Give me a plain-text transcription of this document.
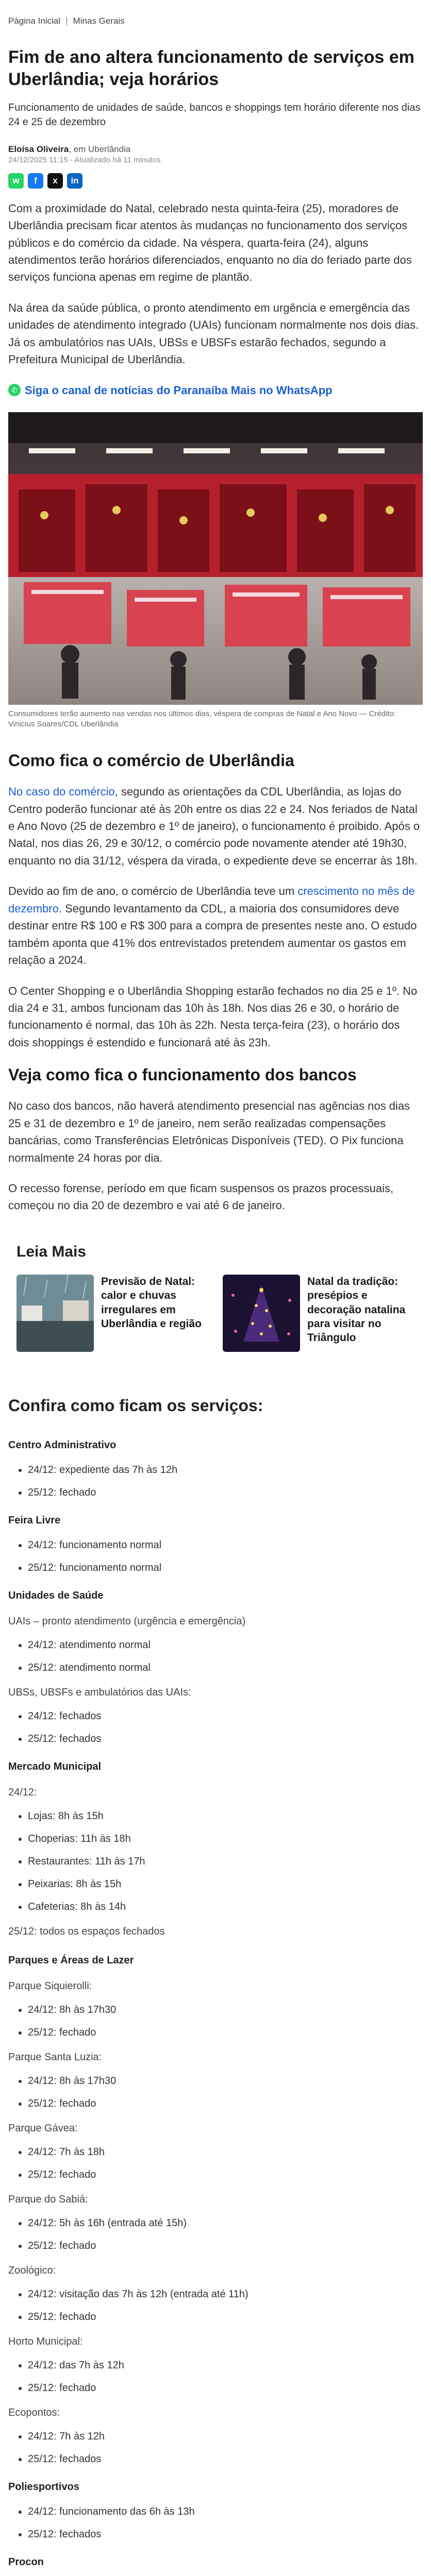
Página Inicial | Minas Gerais
Fim de ano altera funcionamento de serviços em Uberlândia; veja horários

Funcionamento de unidades de saúde, bancos e shoppings tem horário diferente nos dias 24 e 25 de dezembro

Eloísa Oliveira, em Uberlândia
24/12/2025 11:15 - Atualizado há 11 minutos
w	f	x	in

Com a proximidade do Natal, celebrado nesta quinta-feira (25), moradores de Uberlândia precisam ficar atentos às mudanças no funcionamento dos serviços públicos e do comércio da cidade. Na véspera, quarta-feira (24), alguns atendimentos terão horários diferenciados, enquanto no dia do feriado parte dos serviços funciona apenas em regime de plantão.

Na área da saúde pública, o pronto atendimento em urgência e emergência das unidades de atendimento integrado (UAIs) funcionam normalmente nos dois dias. Já os ambulatórios nas UAIs, UBSs e UBSFs estarão fechados, segundo a Prefeitura Municipal de Uberlândia.

✆ Siga o canal de notícias do Paranaíba Mais no WhatsApp

Consumidores terão aumento nas vendas nos últimos dias, véspera de compras de Natal e Ano Novo — Crédito: Vinicius Soares/CDL Uberlândia

Como fica o comércio de Uberlândia

No caso do comércio, segundo as orientações da CDL Uberlândia, as lojas do Centro poderão funcionar até às 20h entre os dias 22 e 24. Nos feriados de Natal e Ano Novo (25 de dezembro e 1º de janeiro), o funcionamento é proibido. Após o Natal, nos dias 26, 29 e 30/12, o comércio pode novamente atender até 19h30, enquanto no dia 31/12, véspera da virada, o expediente deve se encerrar às 18h.

Devido ao fim de ano, o comércio de Uberlândia teve um crescimento no mês de dezembro. Segundo levantamento da CDL, a maioria dos consumidores deve destinar entre R$ 100 e R$ 300 para a compra de presentes neste ano. O estudo também aponta que 41% dos entrevistados pretendem aumentar os gastos em relação a 2024.

O Center Shopping e o Uberlândia Shopping estarão fechados no dia 25 e 1º. No dia 24 e 31, ambos funcionam das 10h às 18h. Nos dias 26 e 30, o horário de funcionamento é normal, das 10h às 22h. Nesta terça-feira (23), o horário dos dois shoppings é estendido e funcionará até às 23h.

Veja como fica o funcionamento dos bancos

No caso dos bancos, não haverá atendimento presencial nas agências nos dias 25 e 31 de dezembro e 1º de janeiro, nem serão realizadas compensações bancárias, como Transferências Eletrônicas Disponíveis (TED). O Pix funciona normalmente 24 horas por dia.

O recesso forense, período em que ficam suspensos os prazos processuais, começou no dia 20 de dezembro e vai até 6 de janeiro.

Leia Mais
Previsão de Natal: calor e chuvas irregulares em Uberlândia e região
Natal da tradição: presépios e decoração natalina para visitar no Triângulo
Confira como ficam os serviços:
Centro Administrativo
• 24/12: expediente das 7h às 12h
• 25/12: fechado
Feira Livre
• 24/12: funcionamento normal
• 25/12: funcionamento normal
Unidades de Saúde
UAIs – pronto atendimento (urgência e emergência)
• 24/12: atendimento normal
• 25/12: atendimento normal
UBSs, UBSFs e ambulatórios das UAIs:
• 24/12: fechados
• 25/12: fechados
Mercado Municipal
24/12:
• Lojas: 8h às 15h
• Choperias: 11h às 18h
• Restaurantes: 11h às 17h
• Peixarias: 8h às 15h
• Cafeterias: 8h às 14h
25/12: todos os espaços fechados
Parques e Áreas de Lazer
Parque Siquierolli:
• 24/12: 8h às 17h30
• 25/12: fechado
Parque Santa Luzia:
• 24/12: 8h às 17h30
• 25/12: fechado
Parque Gávea:
• 24/12: 7h às 18h
• 25/12: fechado
Parque do Sabiá:
• 24/12: 5h às 16h (entrada até 15h)
• 25/12: fechado
Zoológico:
• 24/12: visitação das 7h às 12h (entrada até 11h)
• 25/12: fechado
Horto Municipal:
• 24/12: das 7h às 12h
• 25/12: fechado
Ecopontos:
• 24/12: 7h às 12h
• 25/12: fechados
Poliesportivos
• 24/12: funcionamento das 6h às 13h
• 25/12: fechados
Procon
